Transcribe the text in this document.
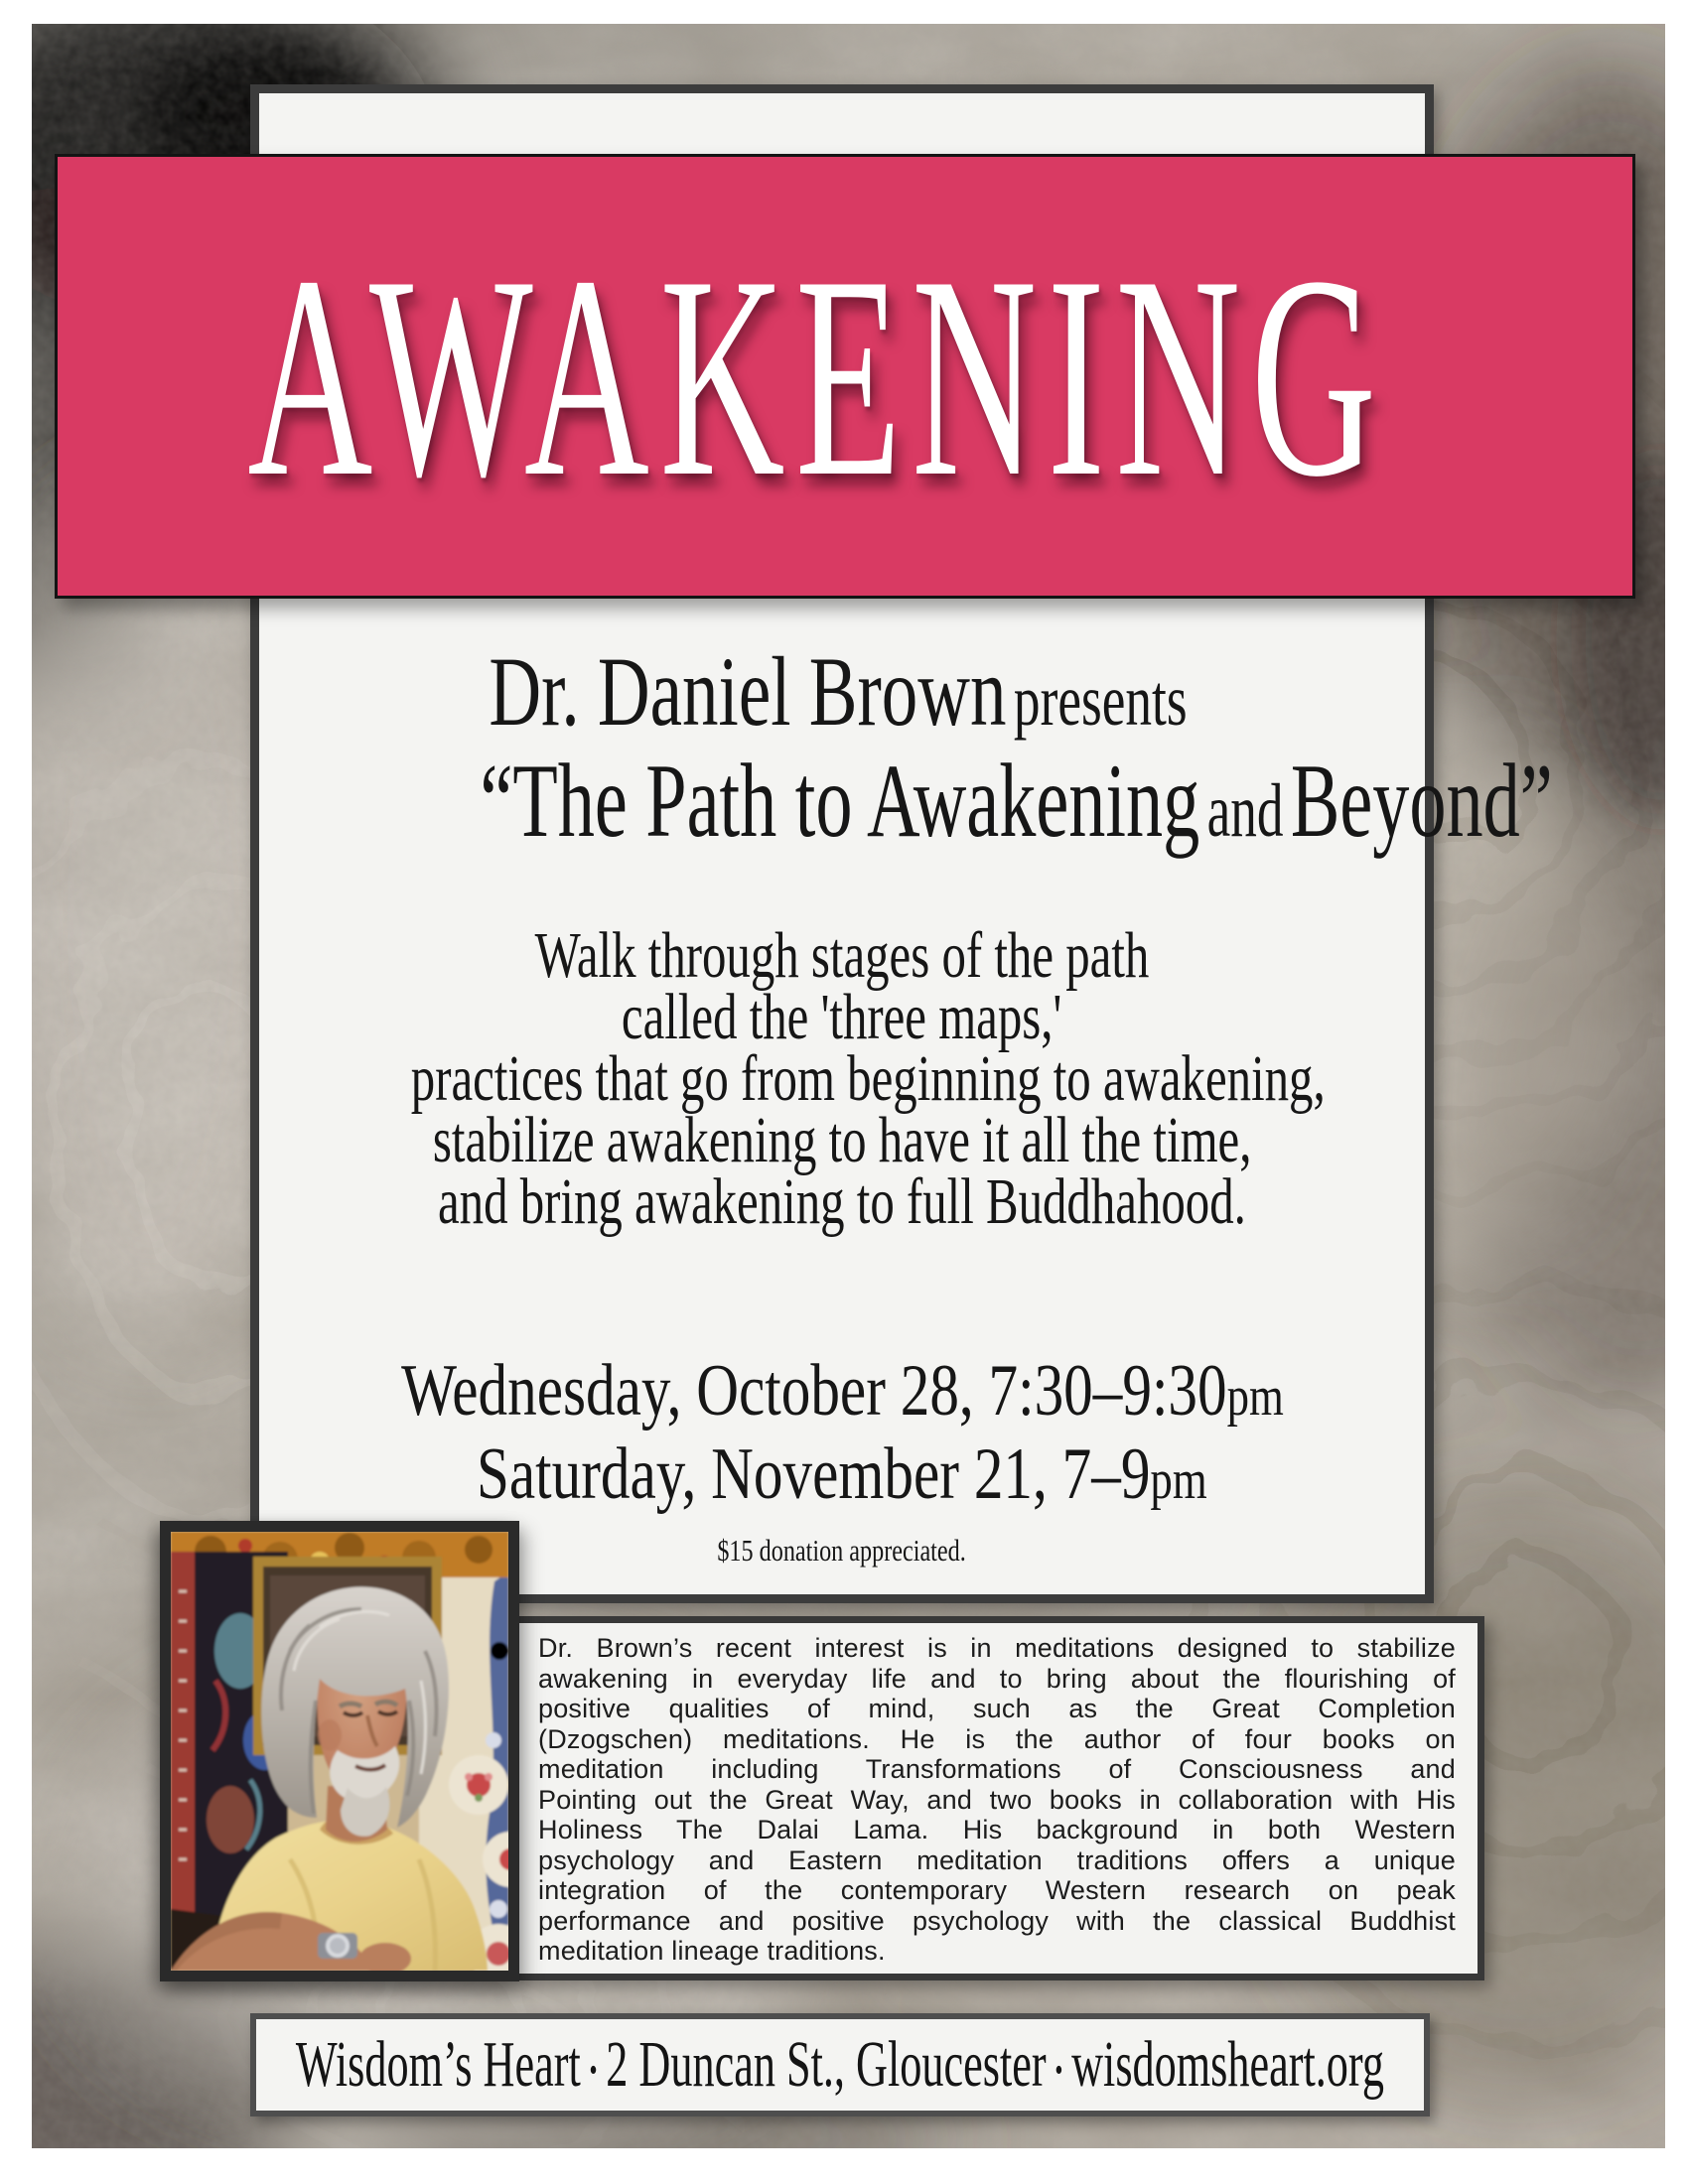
AWAKENING
Dr. Daniel Brown presents
“The Path to AwakeningandBeyond”
Walk through stages of the path
called the 'three maps,'
practices that go from beginning to awakening,
stabilize awakening to have it all the time,
and bring awakening to full Buddhahood.
Wednesday, October 28, 7:30–9:30pm
Saturday, November 21, 7–9pm
$15 donation appreciated.
Dr. Brown’s recent interest is in meditations designed to stabilize
awakening in everyday life and to bring about the flourishing of
positive qualities of mind, such as the Great Completion
(Dzogschen) meditations. He is the author of four books on
meditation including Transformations of Consciousness and
Pointing out the Great Way, and two books in collaboration with His
Holiness The Dalai Lama. His background in both Western
psychology and Eastern meditation traditions offers a unique
integration of the contemporary Western research on peak
performance and positive psychology with the classical Buddhist
meditation lineage traditions.
Wisdom’s Heart • 2 Duncan St., Gloucester • wisdomsheart.org
